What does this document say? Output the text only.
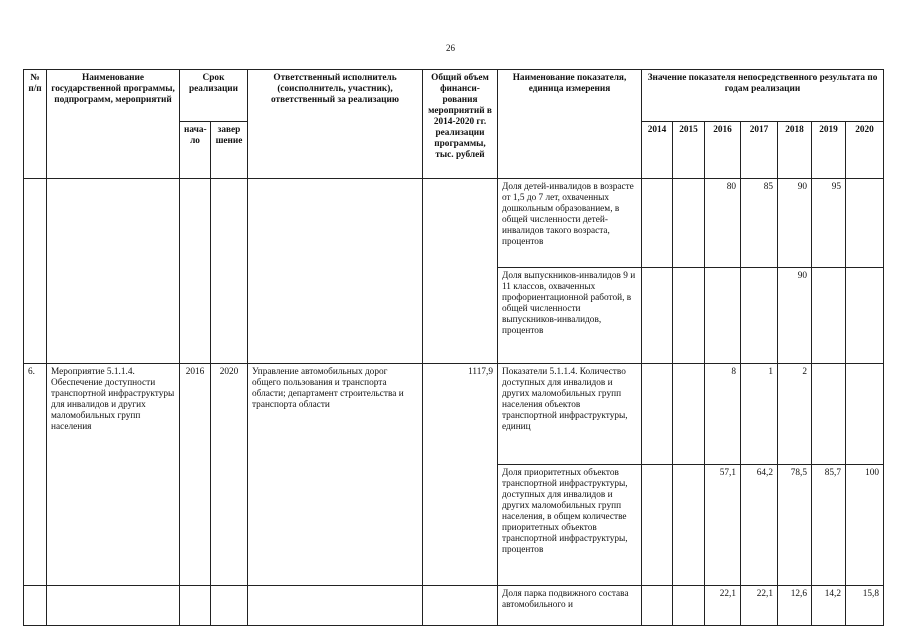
26
№ п/п	Наименование государственной программы, подпрограмм, мероприятий	Срок реализации		Ответственный исполнитель (соисполнитель, участник), ответственный за реализацию	Общий объем финанси-рования мероприятий в 2014-2020 гг. реализации программы, тыс. рублей	Наименование показателя, единица измерения	Значение показателя непосредственного результата по годам реализации						
		нача-ло	завер шение				2014	2015	2016	2017	2018	2019	2020
						Доля детей-инвалидов в возрасте от 1,5 до 7 лет, охваченных дошкольным образованием, в общей численности детей-инвалидов такого возраста, процентов			80	85	90	95	
						Доля выпускников-инвалидов 9 и 11 классов, охваченных профориентационной работой, в общей численности выпускников-инвалидов, процентов					90		
6.	Мероприятие 5.1.1.4. Обеспечение доступности транспортной инфраструктуры для инвалидов и других маломобильных групп населения	2016	2020	Управление автомобильных дорог общего пользования и транспорта области; департамент строительства и транспорта области	1117,9	Показатели 5.1.1.4. Количество доступных для инвалидов и других маломобильных групп населения объектов транспортной инфраструктуры, единиц			8	1	2		
						Доля приоритетных объектов транспортной инфраструктуры, доступных для инвалидов и других маломобильных групп населения, в общем количестве приоритетных объектов транспортной инфраструктуры, процентов			57,1	64,2	78,5	85,7	100
						Доля парка подвижного состава автомобильного и			22,1	22,1	12,6	14,2	15,8
